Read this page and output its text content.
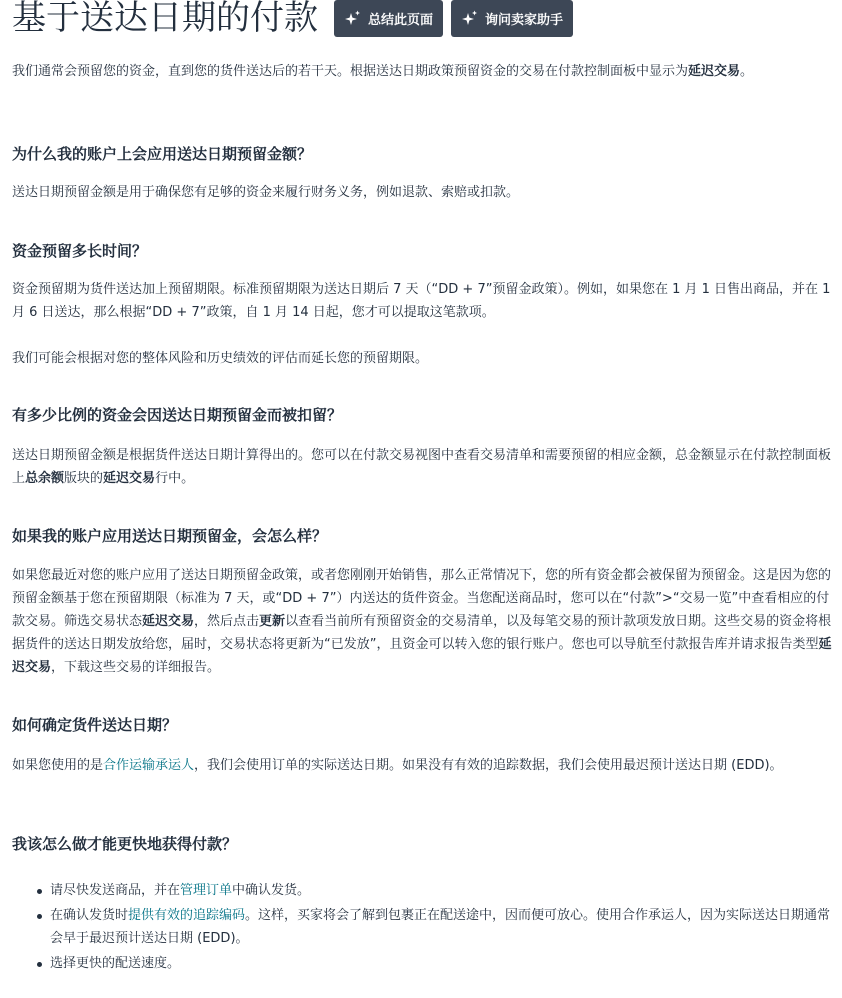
基于送达日期的付款	总结此页面	询问卖家助手

我们通常会预留您的资金，直到您的货件送达后的若干天。根据送达日期政策预留资金的交易在付款控制面板中显示为延迟交易。

为什么我的账户上会应用送达日期预留金额？

送达日期预留金额是用于确保您有足够的资金来履行财务义务，例如退款、索赔或扣款。

资金预留多长时间？

资金预留期为货件送达加上预留期限。标准预留期限为送达日期后 7 天（“DD + 7”预留金政策）。例如，如果您在 1 月 1 日售出商品，并在 1 月 6 日送达，那么根据“DD + 7”政策，自 1 月 14 日起，您才可以提取这笔款项。

我们可能会根据对您的整体风险和历史绩效的评估而延长您的预留期限。

有多少比例的资金会因送达日期预留金而被扣留？

送达日期预留金额是根据货件送达日期计算得出的。您可以在付款交易视图中查看交易清单和需要预留的相应金额，总金额显示在付款控制面板上总余额版块的延迟交易行中。

如果我的账户应用送达日期预留金，会怎么样？

如果您最近对您的账户应用了送达日期预留金政策，或者您刚刚开始销售，那么正常情况下，您的所有资金都会被保留为预留金。这是因为您的预留金额基于您在预留期限（标准为 7 天，或“DD + 7”）内送达的货件资金。当您配送商品时，您可以在“付款”>“交易一览”中查看相应的付款交易。筛选交易状态延迟交易，然后点击更新以查看当前所有预留资金的交易清单，以及每笔交易的预计款项发放日期。这些交易的资金将根据货件的送达日期发放给您，届时，交易状态将更新为“已发放”，且资金可以转入您的银行账户。您也可以导航至付款报告库并请求报告类型延迟交易，下载这些交易的详细报告。

如何确定货件送达日期？

如果您使用的是合作运输承运人，我们会使用订单的实际送达日期。如果没有有效的追踪数据，我们会使用最迟预计送达日期 (EDD)。

我该怎么做才能更快地获得付款？
请尽快发送商品，并在管理订单中确认发货。
在确认发货时提供有效的追踪编码。这样，买家将会了解到包裹正在配送途中，因而便可放心。使用合作承运人，因为实际送达日期通常会早于最迟预计送达日期 (EDD)。
选择更快的配送速度。
